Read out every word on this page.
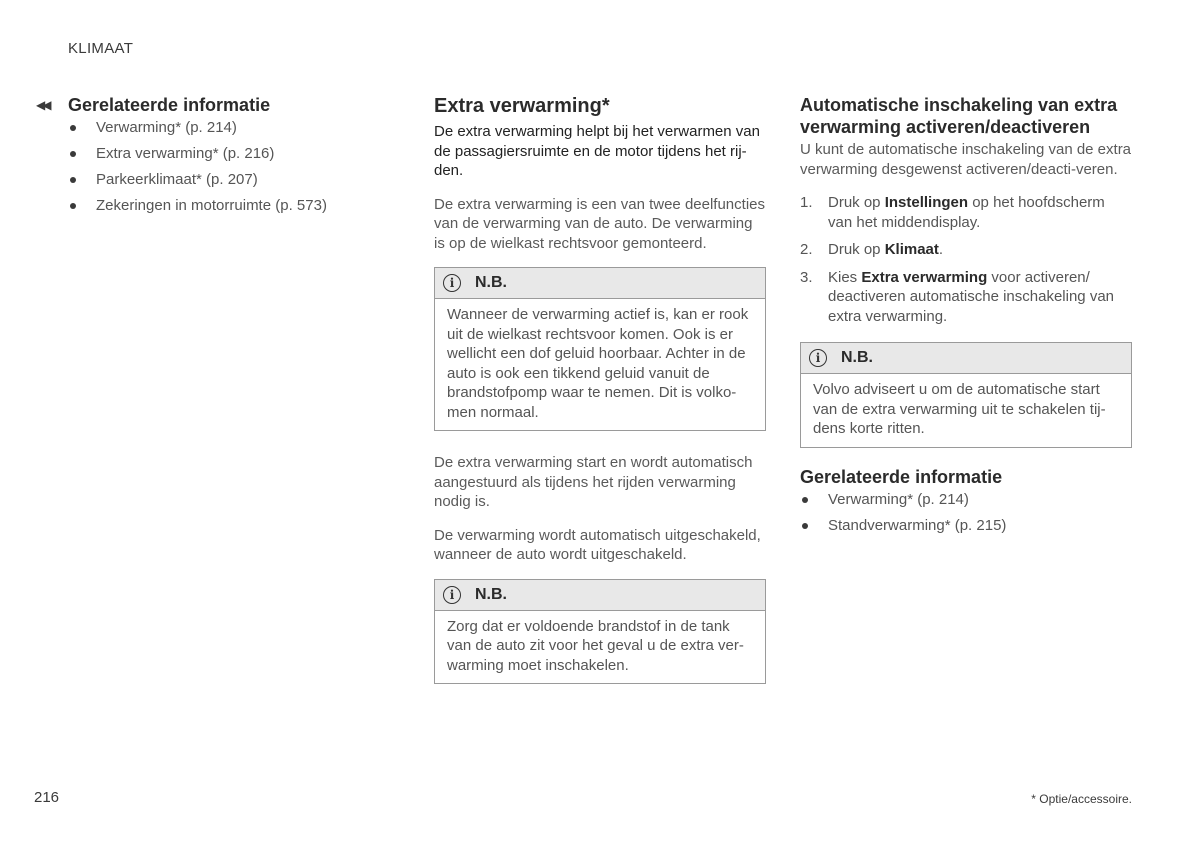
KLIMAAT
◀◀	Gerelateerde informatie
Verwarming* (p. 214)
Extra verwarming* (p. 216)
Parkeerklimaat* (p. 207)
Zekeringen in motorruimte (p. 573)
Extra verwarming*

De extra verwarming helpt bij het verwarmen van de passagiersruimte en de motor tijdens het rij-den.

De extra verwarming is een van twee deelfuncties van de verwarming van de auto. De verwarming is op de wielkast rechtsvoor gemonteerd.

i	N.B.
Wanneer de verwarming actief is, kan er rook uit de wielkast rechtsvoor komen. Ook is er wellicht een dof geluid hoorbaar. Achter in de auto is ook een tikkend geluid vanuit de brandstofpomp waar te nemen. Dit is volko-men normaal.

De extra verwarming start en wordt automatisch aangestuurd als tijdens het rijden verwarming nodig is.

De verwarming wordt automatisch uitgeschakeld, wanneer de auto wordt uitgeschakeld.

i	N.B.
Zorg dat er voldoende brandstof in de tank van de auto zit voor het geval u de extra ver-warming moet inschakelen.
Automatische inschakeling van extra verwarming activeren/deactiveren

U kunt de automatische inschakeling van de extra verwarming desgewenst activeren/deacti-veren.

1. Druk op Instellingen op het hoofdscherm van het middendisplay.
2. Druk op Klimaat.
3. Kies Extra verwarming voor activeren/ deactiveren automatische inschakeling van extra verwarming.
i	N.B.
Volvo adviseert u om de automatische start van de extra verwarming uit te schakelen tij-dens korte ritten.
Gerelateerde informatie
Verwarming* (p. 214)
Standverwarming* (p. 215)
216	* Optie/accessoire.
